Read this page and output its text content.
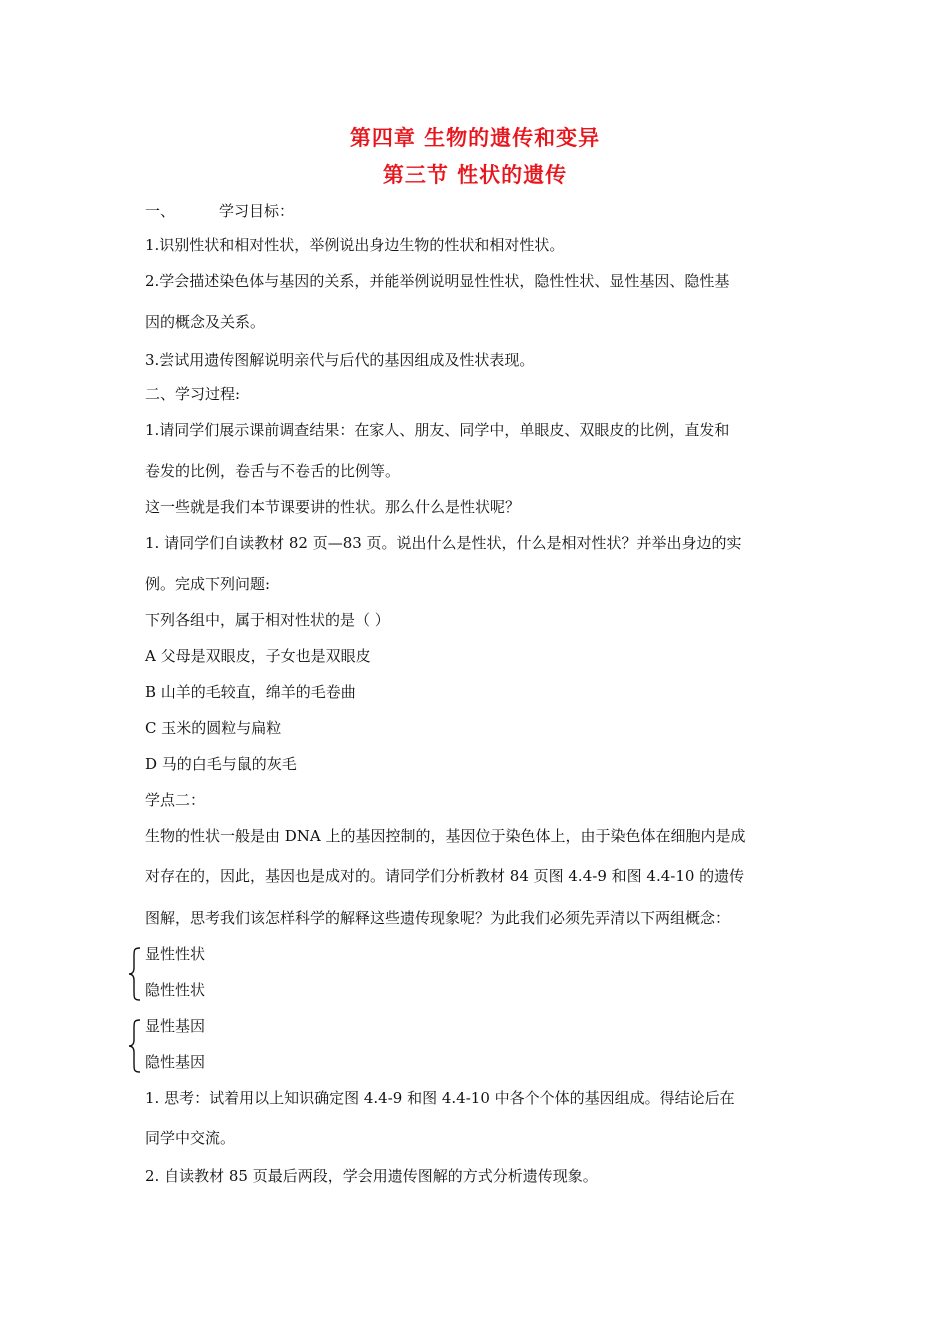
第四章 生物的遗传和变异
第三节 性状的遗传
一、	学习目标：
1.识别性状和相对性状，举例说出身边生物的性状和相对性状。
2.学会描述染色体与基因的关系，并能举例说明显性性状，隐性性状、显性基因、隐性基
因的概念及关系。
3.尝试用遗传图解说明亲代与后代的基因组成及性状表现。
二、学习过程:
1.请同学们展示课前调查结果：在家人、朋友、同学中，单眼皮、双眼皮的比例，直发和
卷发的比例，卷舌与不卷舌的比例等。
这一些就是我们本节课要讲的性状。那么什么是性状呢？
1. 请同学们自读教材 82 页—83 页。说出什么是性状，什么是相对性状？并举出身边的实
例。完成下列问题:
下列各组中，属于相对性状的是（ ）
A 父母是双眼皮，子女也是双眼皮
B 山羊的毛较直，绵羊的毛卷曲
C 玉米的圆粒与扁粒
D 马的白毛与鼠的灰毛
学点二：
生物的性状一般是由 DNA 上的基因控制的，基因位于染色体上，由于染色体在细胞内是成
对存在的，因此，基因也是成对的。请同学们分析教材 84 页图 4.4-9 和图 4.4-10 的遗传
图解，思考我们该怎样科学的解释这些遗传现象呢？为此我们必须先弄清以下两组概念：
显性性状
隐性性状
显性基因
隐性基因
1. 思考：试着用以上知识确定图 4.4-9 和图 4.4-10 中各个个体的基因组成。得结论后在
同学中交流。
2. 自读教材 85 页最后两段，学会用遗传图解的方式分析遗传现象。
